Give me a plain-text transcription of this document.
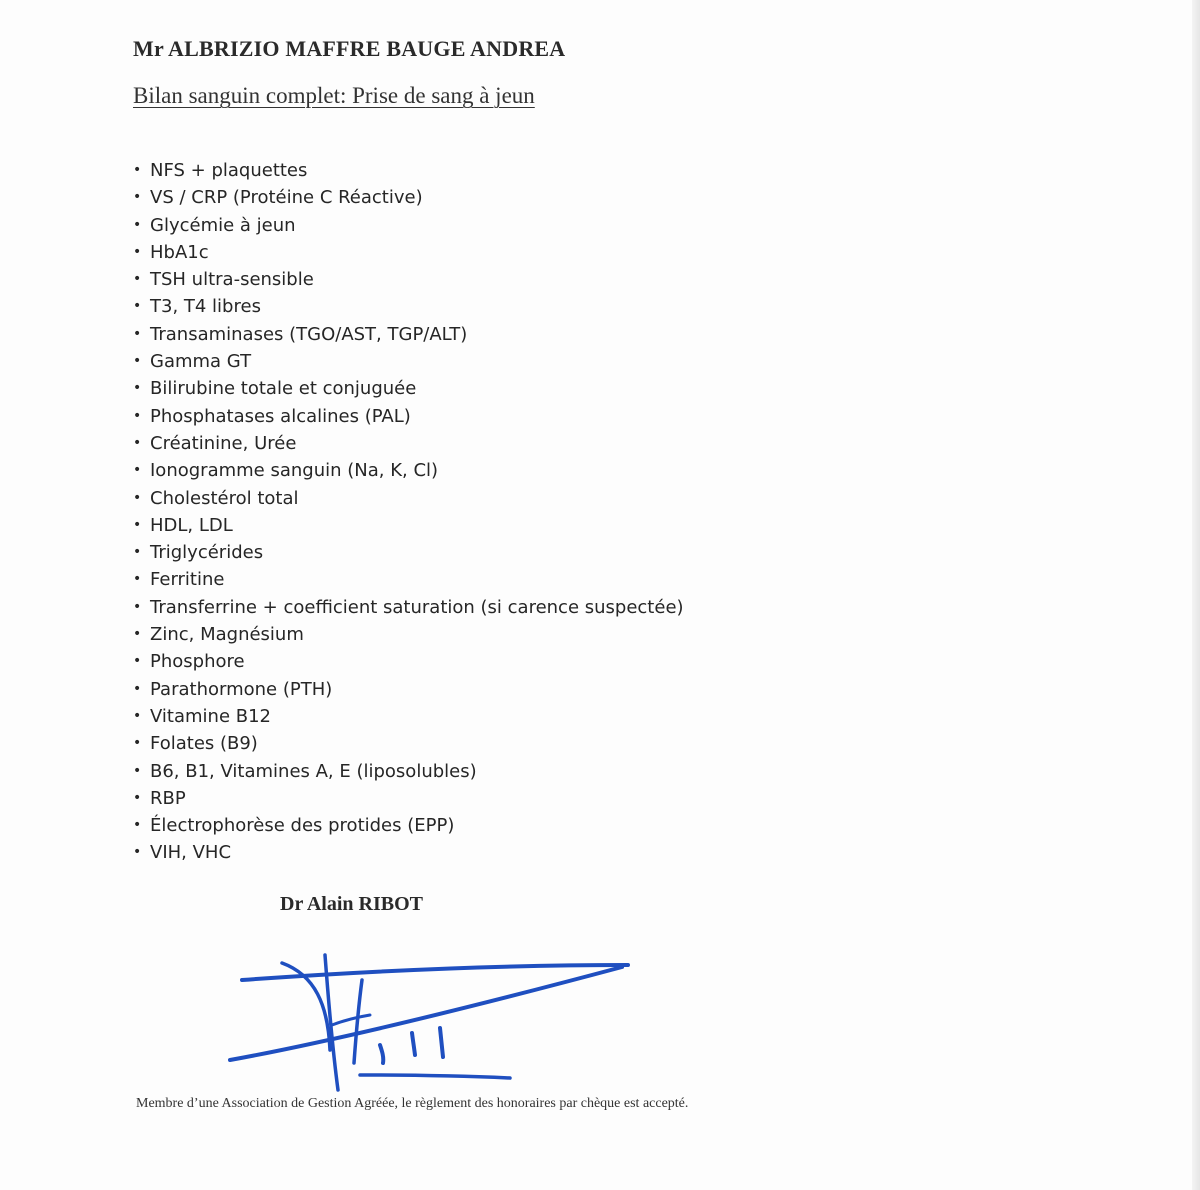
Mr ALBRIZIO MAFFRE BAUGE ANDREA
Bilan sanguin complet: Prise de sang à jeun
• NFS + plaquettes
• VS / CRP (Protéine C Réactive)
• Glycémie à jeun
• HbA1c
• TSH ultra-sensible
• T3, T4 libres
• Transaminases (TGO/AST, TGP/ALT)
• Gamma GT
• Bilirubine totale et conjuguée
• Phosphatases alcalines (PAL)
• Créatinine, Urée
• Ionogramme sanguin (Na, K, Cl)
• Cholestérol total
• HDL, LDL
• Triglycérides
• Ferritine
• Transferrine + coefficient saturation (si carence suspectée)
• Zinc, Magnésium
• Phosphore
• Parathormone (PTH)
• Vitamine B12
• Folates (B9)
• B6, B1, Vitamines A, E (liposolubles)
• RBP
• Électrophorèse des protides (EPP)
• VIH, VHC
Dr Alain RIBOT
Membre d’une Association de Gestion Agréée, le règlement des honoraires par chèque est accepté.
